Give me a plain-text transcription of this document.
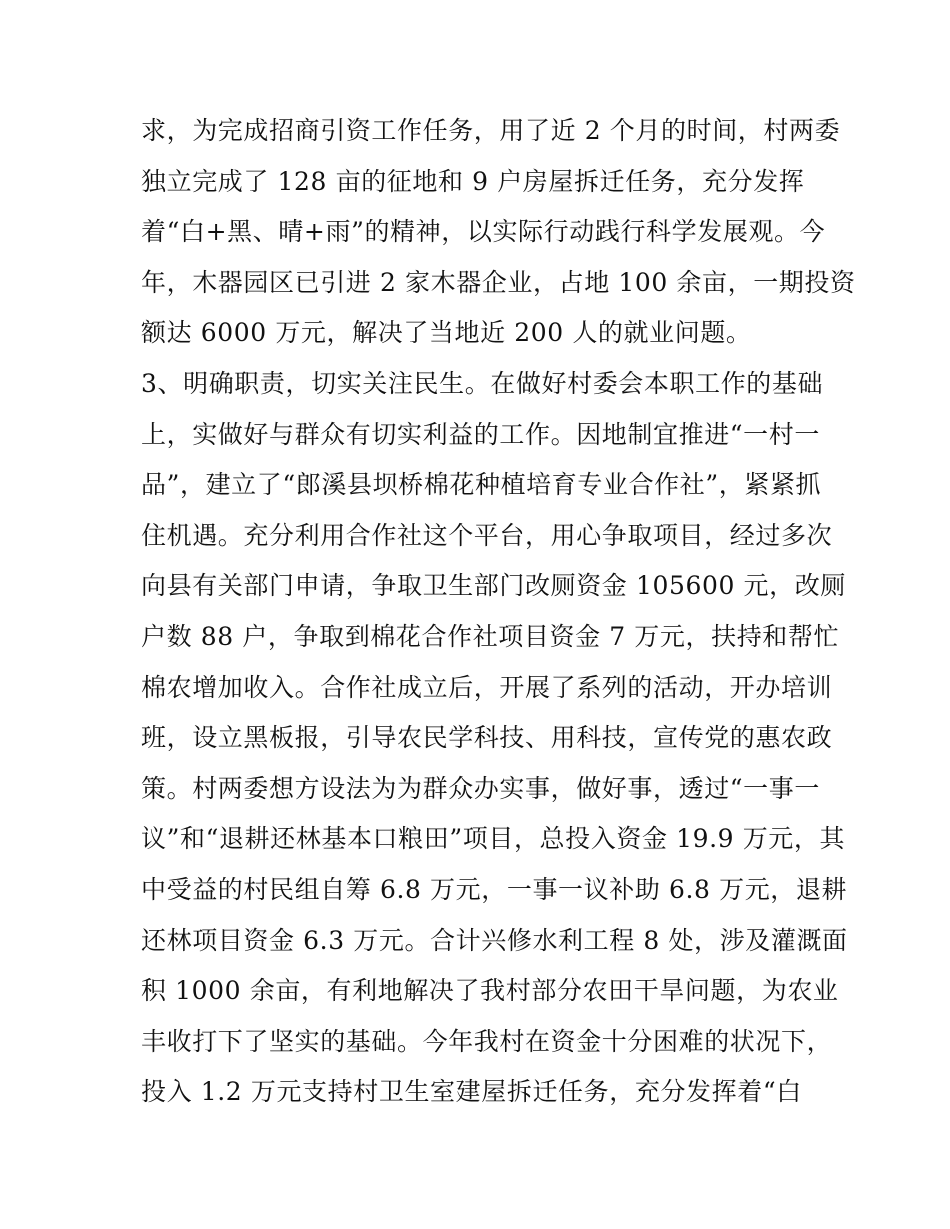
求，为完成招商引资工作任务，用了近 2 个月的时间，村两委
独立完成了 128 亩的征地和 9 户房屋拆迁任务，充分发挥
着“白+黑、晴+雨”的精神，以实际行动践行科学发展观。今
年，木器园区已引进 2 家木器企业，占地 100 余亩，一期投资
额达 6000 万元，解决了当地近 200 人的就业问题。
3、明确职责，切实关注民生。在做好村委会本职工作的基础
上，实做好与群众有切实利益的工作。因地制宜推进“一村一
品”，建立了“郎溪县坝桥棉花种植培育专业合作社”，紧紧抓
住机遇。充分利用合作社这个平台，用心争取项目，经过多次
向县有关部门申请，争取卫生部门改厕资金 105600 元，改厕
户数 88 户，争取到棉花合作社项目资金 7 万元，扶持和帮忙
棉农增加收入。合作社成立后，开展了系列的活动，开办培训
班，设立黑板报，引导农民学科技、用科技，宣传党的惠农政
策。村两委想方设法为为群众办实事，做好事，透过“一事一
议”和“退耕还林基本口粮田”项目，总投入资金 19.9 万元，其
中受益的村民组自筹 6.8 万元，一事一议补助 6.8 万元，退耕
还林项目资金 6.3 万元。合计兴修水利工程 8 处，涉及灌溉面
积 1000 余亩，有利地解决了我村部分农田干旱问题，为农业
丰收打下了坚实的基础。今年我村在资金十分困难的状况下，
投入 1.2 万元支持村卫生室建屋拆迁任务，充分发挥着“白
